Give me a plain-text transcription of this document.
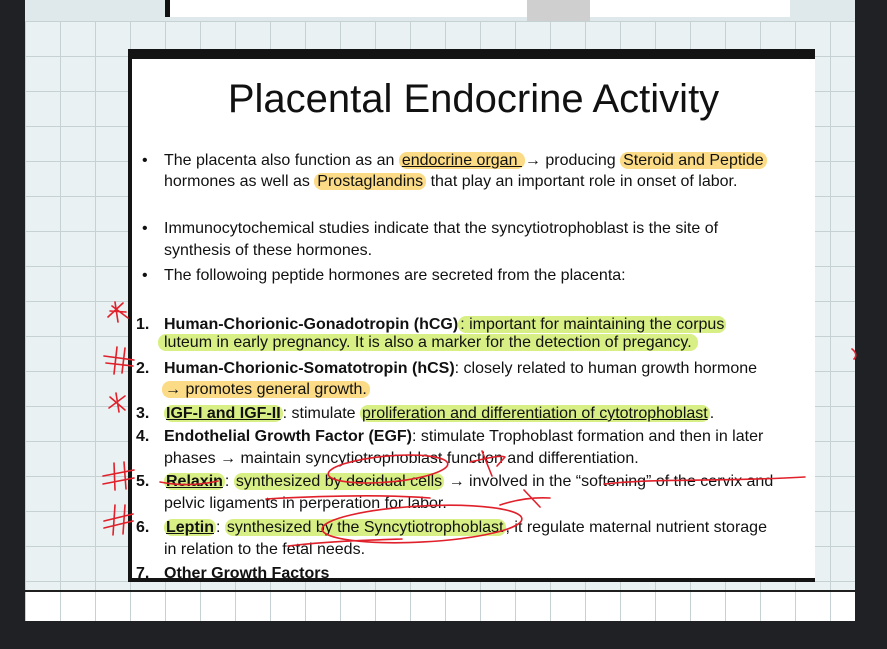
Placental Endocrine Activity
• The placenta also function as an endocrine organ → producing Steroid and Peptide
hormones as well as Prostaglandins that play an important role in onset of labor.
• Immunocytochemical studies indicate that the syncytiotrophoblast is the site of
synthesis of these hormones.
• The followoing peptide hormones are secreted from the placenta:
1. Human-Chorionic-Gonadotropin (hCG) : important for maintaining the corpus
luteum in early pregnancy. It is also a marker for the detection of pregancy.
2. Human-Chorionic-Somatotropin (hCS): closely related to human growth hormone
→ promotes general growth.
3. IGF-I and IGF-II : stimulate proliferation and differentiation of cytotrophoblast .
4. Endothelial Growth Factor (EGF): stimulate Trophoblast formation and then in later
phases → maintain syncytiotrophoblast function and differentiation.
5. Relaxin : synthesized by decidual cells → involved in the “softening” of the cervix and
pelvic ligaments in perperation for labor.
6. Leptin : synthesized by the Syncytiotrophoblast , it regulate maternal nutrient storage
in relation to the fetal needs.
7. Other Growth Factors
